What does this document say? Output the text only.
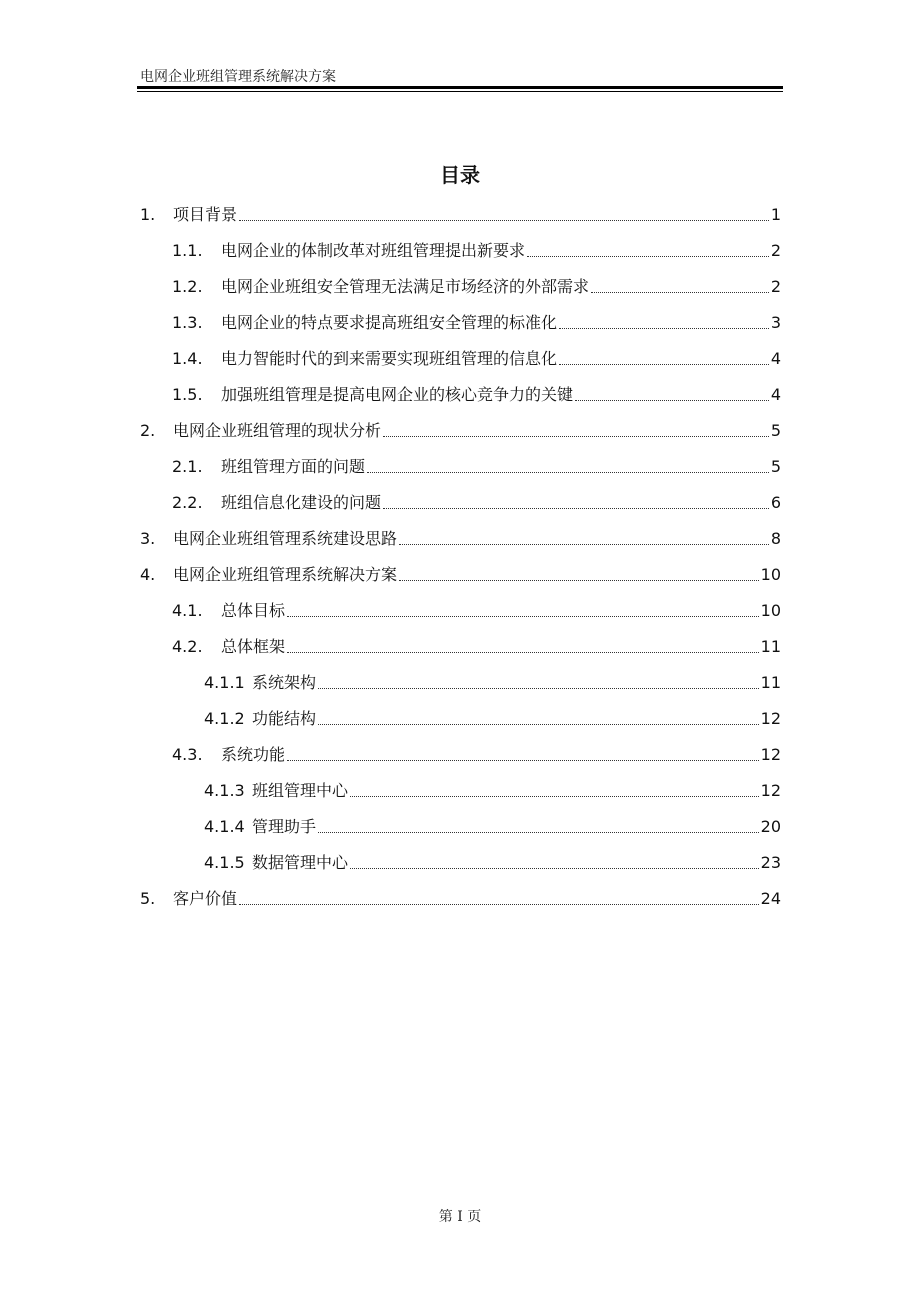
电网企业班组管理系统解决方案
目录
1.	项目背景	1
1.1.	电网企业的体制改革对班组管理提出新要求	2
1.2.	电网企业班组安全管理无法满足市场经济的外部需求	2
1.3.	电网企业的特点要求提高班组安全管理的标准化	3
1.4.	电力智能时代的到来需要实现班组管理的信息化	4
1.5.	加强班组管理是提高电网企业的核心竞争力的关键	4
2.	电网企业班组管理的现状分析	5
2.1.	班组管理方面的问题	5
2.2.	班组信息化建设的问题	6
3.	电网企业班组管理系统建设思路	8
4.	电网企业班组管理系统解决方案	10
4.1.	总体目标	10
4.2.	总体框架	11
4.1.1 系统架构	11
4.1.2 功能结构	12
4.3.	系统功能	12
4.1.3 班组管理中心	12
4.1.4 管理助手	20
4.1.5 数据管理中心	23
5.	客户价值	24
第 I 页
